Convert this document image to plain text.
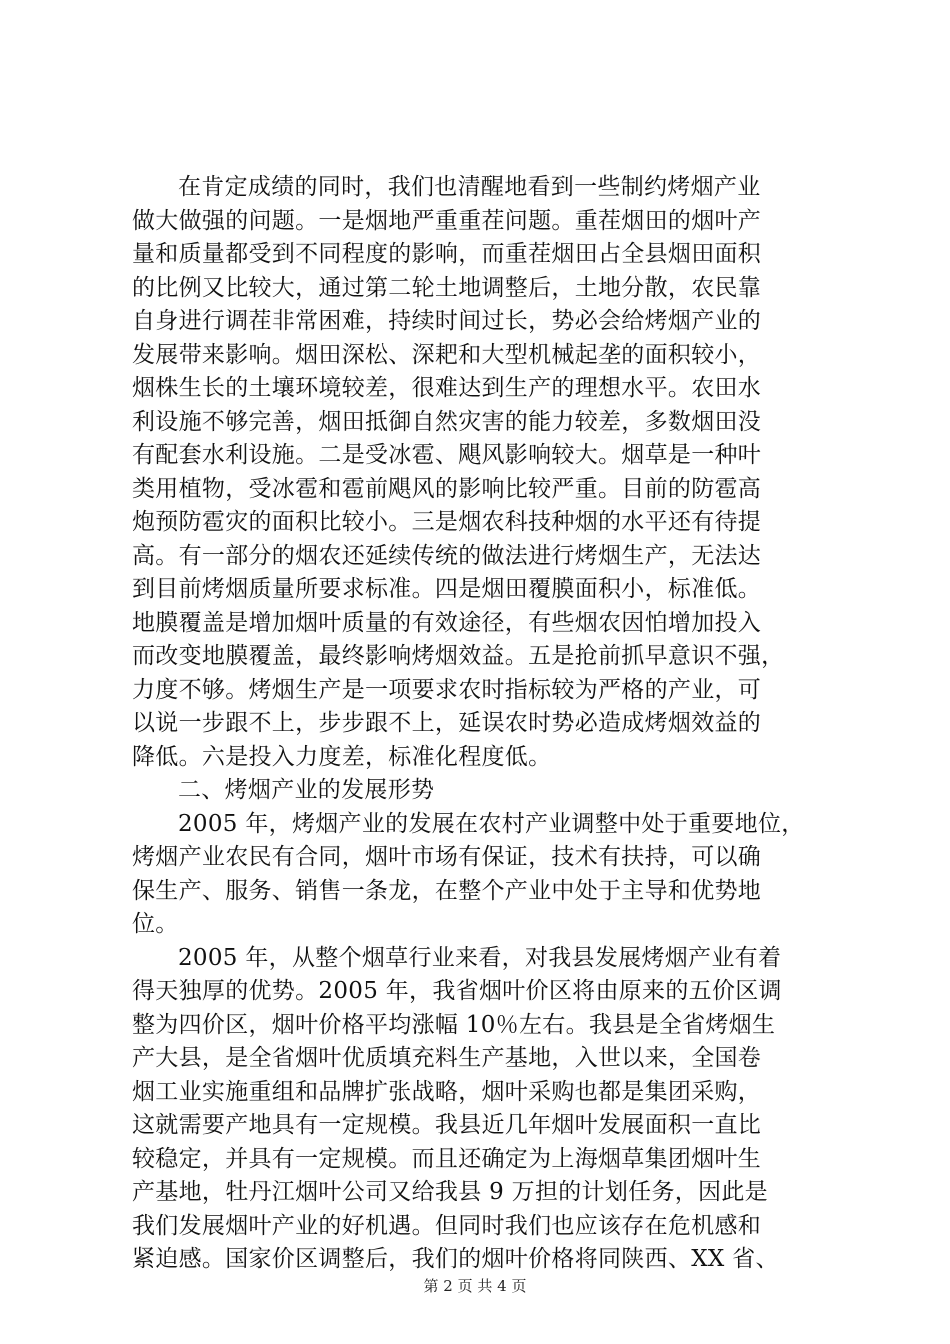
在肯定成绩的同时，我们也清醒地看到一些制约烤烟产业
做大做强的问题。一是烟地严重重茬问题。重茬烟田的烟叶产
量和质量都受到不同程度的影响，而重茬烟田占全县烟田面积
的比例又比较大，通过第二轮土地调整后，土地分散，农民靠
自身进行调茬非常困难，持续时间过长，势必会给烤烟产业的
发展带来影响。烟田深松、深耙和大型机械起垄的面积较小，
烟株生长的土壤环境较差，很难达到生产的理想水平。农田水
利设施不够完善，烟田抵御自然灾害的能力较差，多数烟田没
有配套水利设施。二是受冰雹、飓风影响较大。烟草是一种叶
类用植物，受冰雹和雹前飓风的影响比较严重。目前的防雹高
炮预防雹灾的面积比较小。三是烟农科技种烟的水平还有待提
高。有一部分的烟农还延续传统的做法进行烤烟生产，无法达
到目前烤烟质量所要求标准。四是烟田覆膜面积小，标准低。
地膜覆盖是增加烟叶质量的有效途径，有些烟农因怕增加投入
而改变地膜覆盖，最终影响烤烟效益。五是抢前抓早意识不强，
力度不够。烤烟生产是一项要求农时指标较为严格的产业，可
以说一步跟不上，步步跟不上，延误农时势必造成烤烟效益的
降低。六是投入力度差，标准化程度低。

二、烤烟产业的发展形势

2005 年，烤烟产业的发展在农村产业调整中处于重要地位，
烤烟产业农民有合同，烟叶市场有保证，技术有扶持，可以确
保生产、服务、销售一条龙，在整个产业中处于主导和优势地
位。

2005 年，从整个烟草行业来看，对我县发展烤烟产业有着
得天独厚的优势。2005 年，我省烟叶价区将由原来的五价区调
整为四价区，烟叶价格平均涨幅 10％左右。我县是全省烤烟生
产大县，是全省烟叶优质填充料生产基地，入世以来，全国卷
烟工业实施重组和品牌扩张战略，烟叶采购也都是集团采购，
这就需要产地具有一定规模。我县近几年烟叶发展面积一直比
较稳定，并具有一定规模。而且还确定为上海烟草集团烟叶生
产基地，牡丹江烟叶公司又给我县 9 万担的计划任务，因此是
我们发展烟叶产业的好机遇。但同时我们也应该存在危机感和
紧迫感。国家价区调整后，我们的烟叶价格将同陕西、XX 省、

第 2 页 共 4 页
